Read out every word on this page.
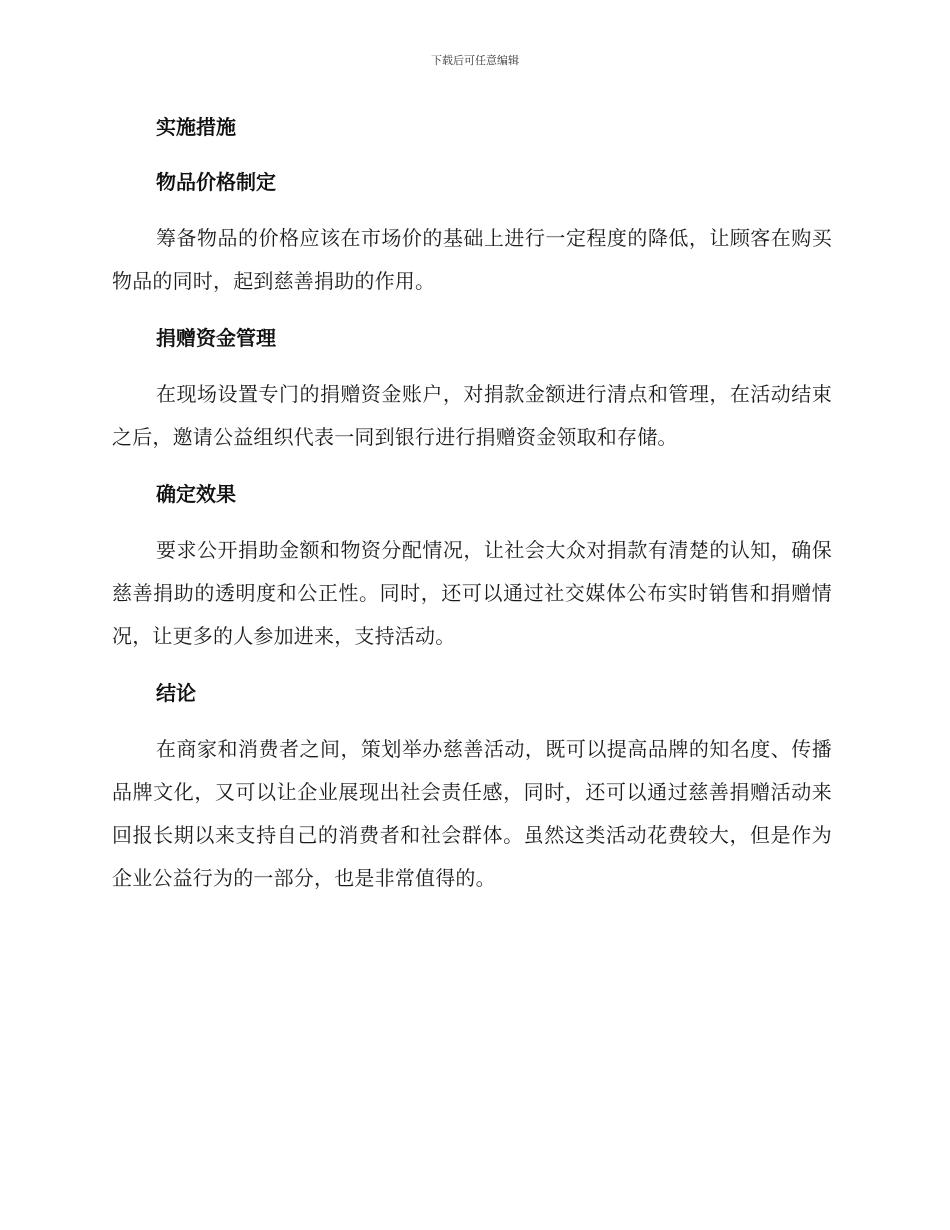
下载后可任意编辑
实施措施
物品价格制定

筹备物品的价格应该在市场价的基础上进行一定程度的降低，让顾客在购买物品的同时，起到慈善捐助的作用。

捐赠资金管理

在现场设置专门的捐赠资金账户，对捐款金额进行清点和管理，在活动结束之后，邀请公益组织代表一同到银行进行捐赠资金领取和存储。

确定效果

要求公开捐助金额和物资分配情况，让社会大众对捐款有清楚的认知，确保慈善捐助的透明度和公正性。同时，还可以通过社交媒体公布实时销售和捐赠情况，让更多的人参加进来，支持活动。

结论

在商家和消费者之间，策划举办慈善活动，既可以提高品牌的知名度、传播品牌文化，又可以让企业展现出社会责任感，同时，还可以通过慈善捐赠活动来回报长期以来支持自己的消费者和社会群体。虽然这类活动花费较大，但是作为企业公益行为的一部分，也是非常值得的。
